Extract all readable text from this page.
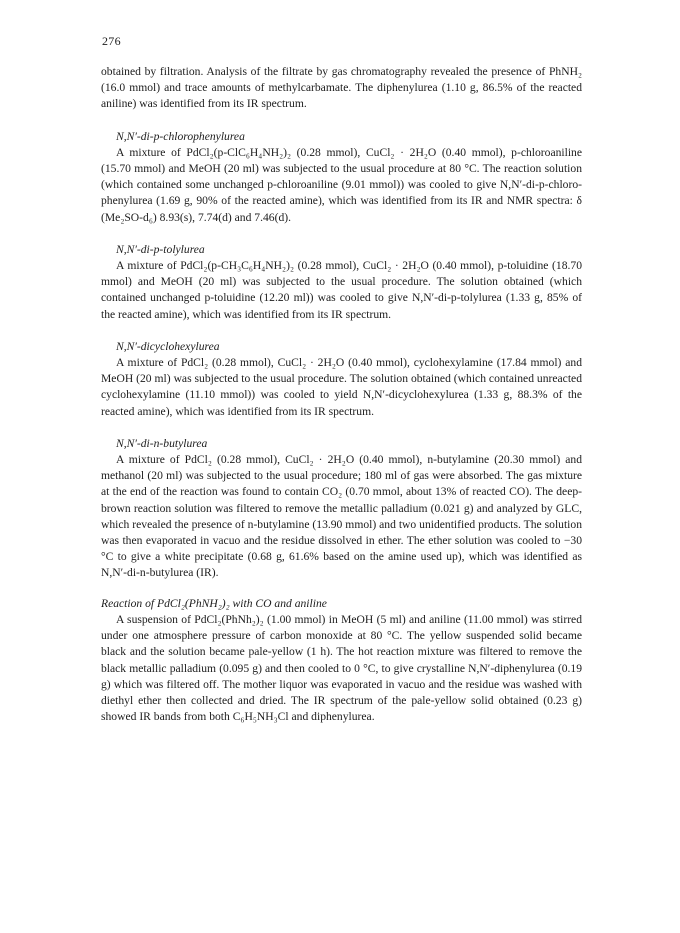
276

obtained by filtration. Analysis of the filtrate by gas chromatography revealed the presence of PhNH₂ (16.0 mmol) and trace amounts of methylcarbamate. The diphenylurea (1.10 g, 86.5% of the reacted aniline) was identified from its IR spectrum.

N,N′-di-p-chlorophenylurea

A mixture of PdCl₂(p-ClC₆H₄NH₂)₂ (0.28 mmol), CuCl₂ · 2H₂O (0.40 mmol), p-chloroaniline (15.70 mmol) and MeOH (20 ml) was subjected to the usual procedure at 80 °C. The reaction solution (which contained some unchanged p-chloroaniline (9.01 mmol)) was cooled to give N,N′-di-p-chloro-phenylurea (1.69 g, 90% of the reacted amine), which was identified from its IR and NMR spectra: δ (Me₂SO-d₆) 8.93(s), 7.74(d) and 7.46(d).

N,N′-di-p-tolylurea

A mixture of PdCl₂(p-CH₃C₆H₄NH₂)₂ (0.28 mmol), CuCl₂ · 2H₂O (0.40 mmol), p-toluidine (18.70 mmol) and MeOH (20 ml) was subjected to the usual procedure. The solution obtained (which contained unchanged p-toluidine (12.20 ml)) was cooled to give N,N′-di-p-tolylurea (1.33 g, 85% of the reacted amine), which was identified from its IR spectrum.

N,N′-dicyclohexylurea

A mixture of PdCl₂ (0.28 mmol), CuCl₂ · 2H₂O (0.40 mmol), cyclohexylamine (17.84 mmol) and MeOH (20 ml) was subjected to the usual procedure. The solution obtained (which contained unreacted cyclohexylamine (11.10 mmol)) was cooled to yield N,N′-dicyclohexylurea (1.33 g, 88.3% of the reacted amine), which was identified from its IR spectrum.

N,N′-di-n-butylurea

A mixture of PdCl₂ (0.28 mmol), CuCl₂ · 2H₂O (0.40 mmol), n-butylamine (20.30 mmol) and methanol (20 ml) was subjected to the usual procedure; 180 ml of gas were absorbed. The gas mixture at the end of the reaction was found to contain CO₂ (0.70 mmol, about 13% of reacted CO). The deep-brown reaction solution was filtered to remove the metallic palladium (0.021 g) and analyzed by GLC, which revealed the presence of n-butylamine (13.90 mmol) and two unidentified products. The solution was then evaporated in vacuo and the residue dissolved in ether. The ether solution was cooled to −30 °C to give a white precipitate (0.68 g, 61.6% based on the amine used up), which was identified as N,N′-di-n-butylurea (IR).

Reaction of PdCl₂(PhNH₂)₂ with CO and aniline

A suspension of PdCl₂(PhNh₂)₂ (1.00 mmol) in MeOH (5 ml) and aniline (11.00 mmol) was stirred under one atmosphere pressure of carbon monoxide at 80 °C. The yellow suspended solid became black and the solution became pale-yellow (1 h). The hot reaction mixture was filtered to remove the black metallic palladium (0.095 g) and then cooled to 0 °C, to give crystalline N,N′-diphenylurea (0.19 g) which was filtered off. The mother liquor was evaporated in vacuo and the residue was washed with diethyl ether then collected and dried. The IR spectrum of the pale-yellow solid obtained (0.23 g) showed IR bands from both C₆H₅NH₃Cl and diphenylurea.
